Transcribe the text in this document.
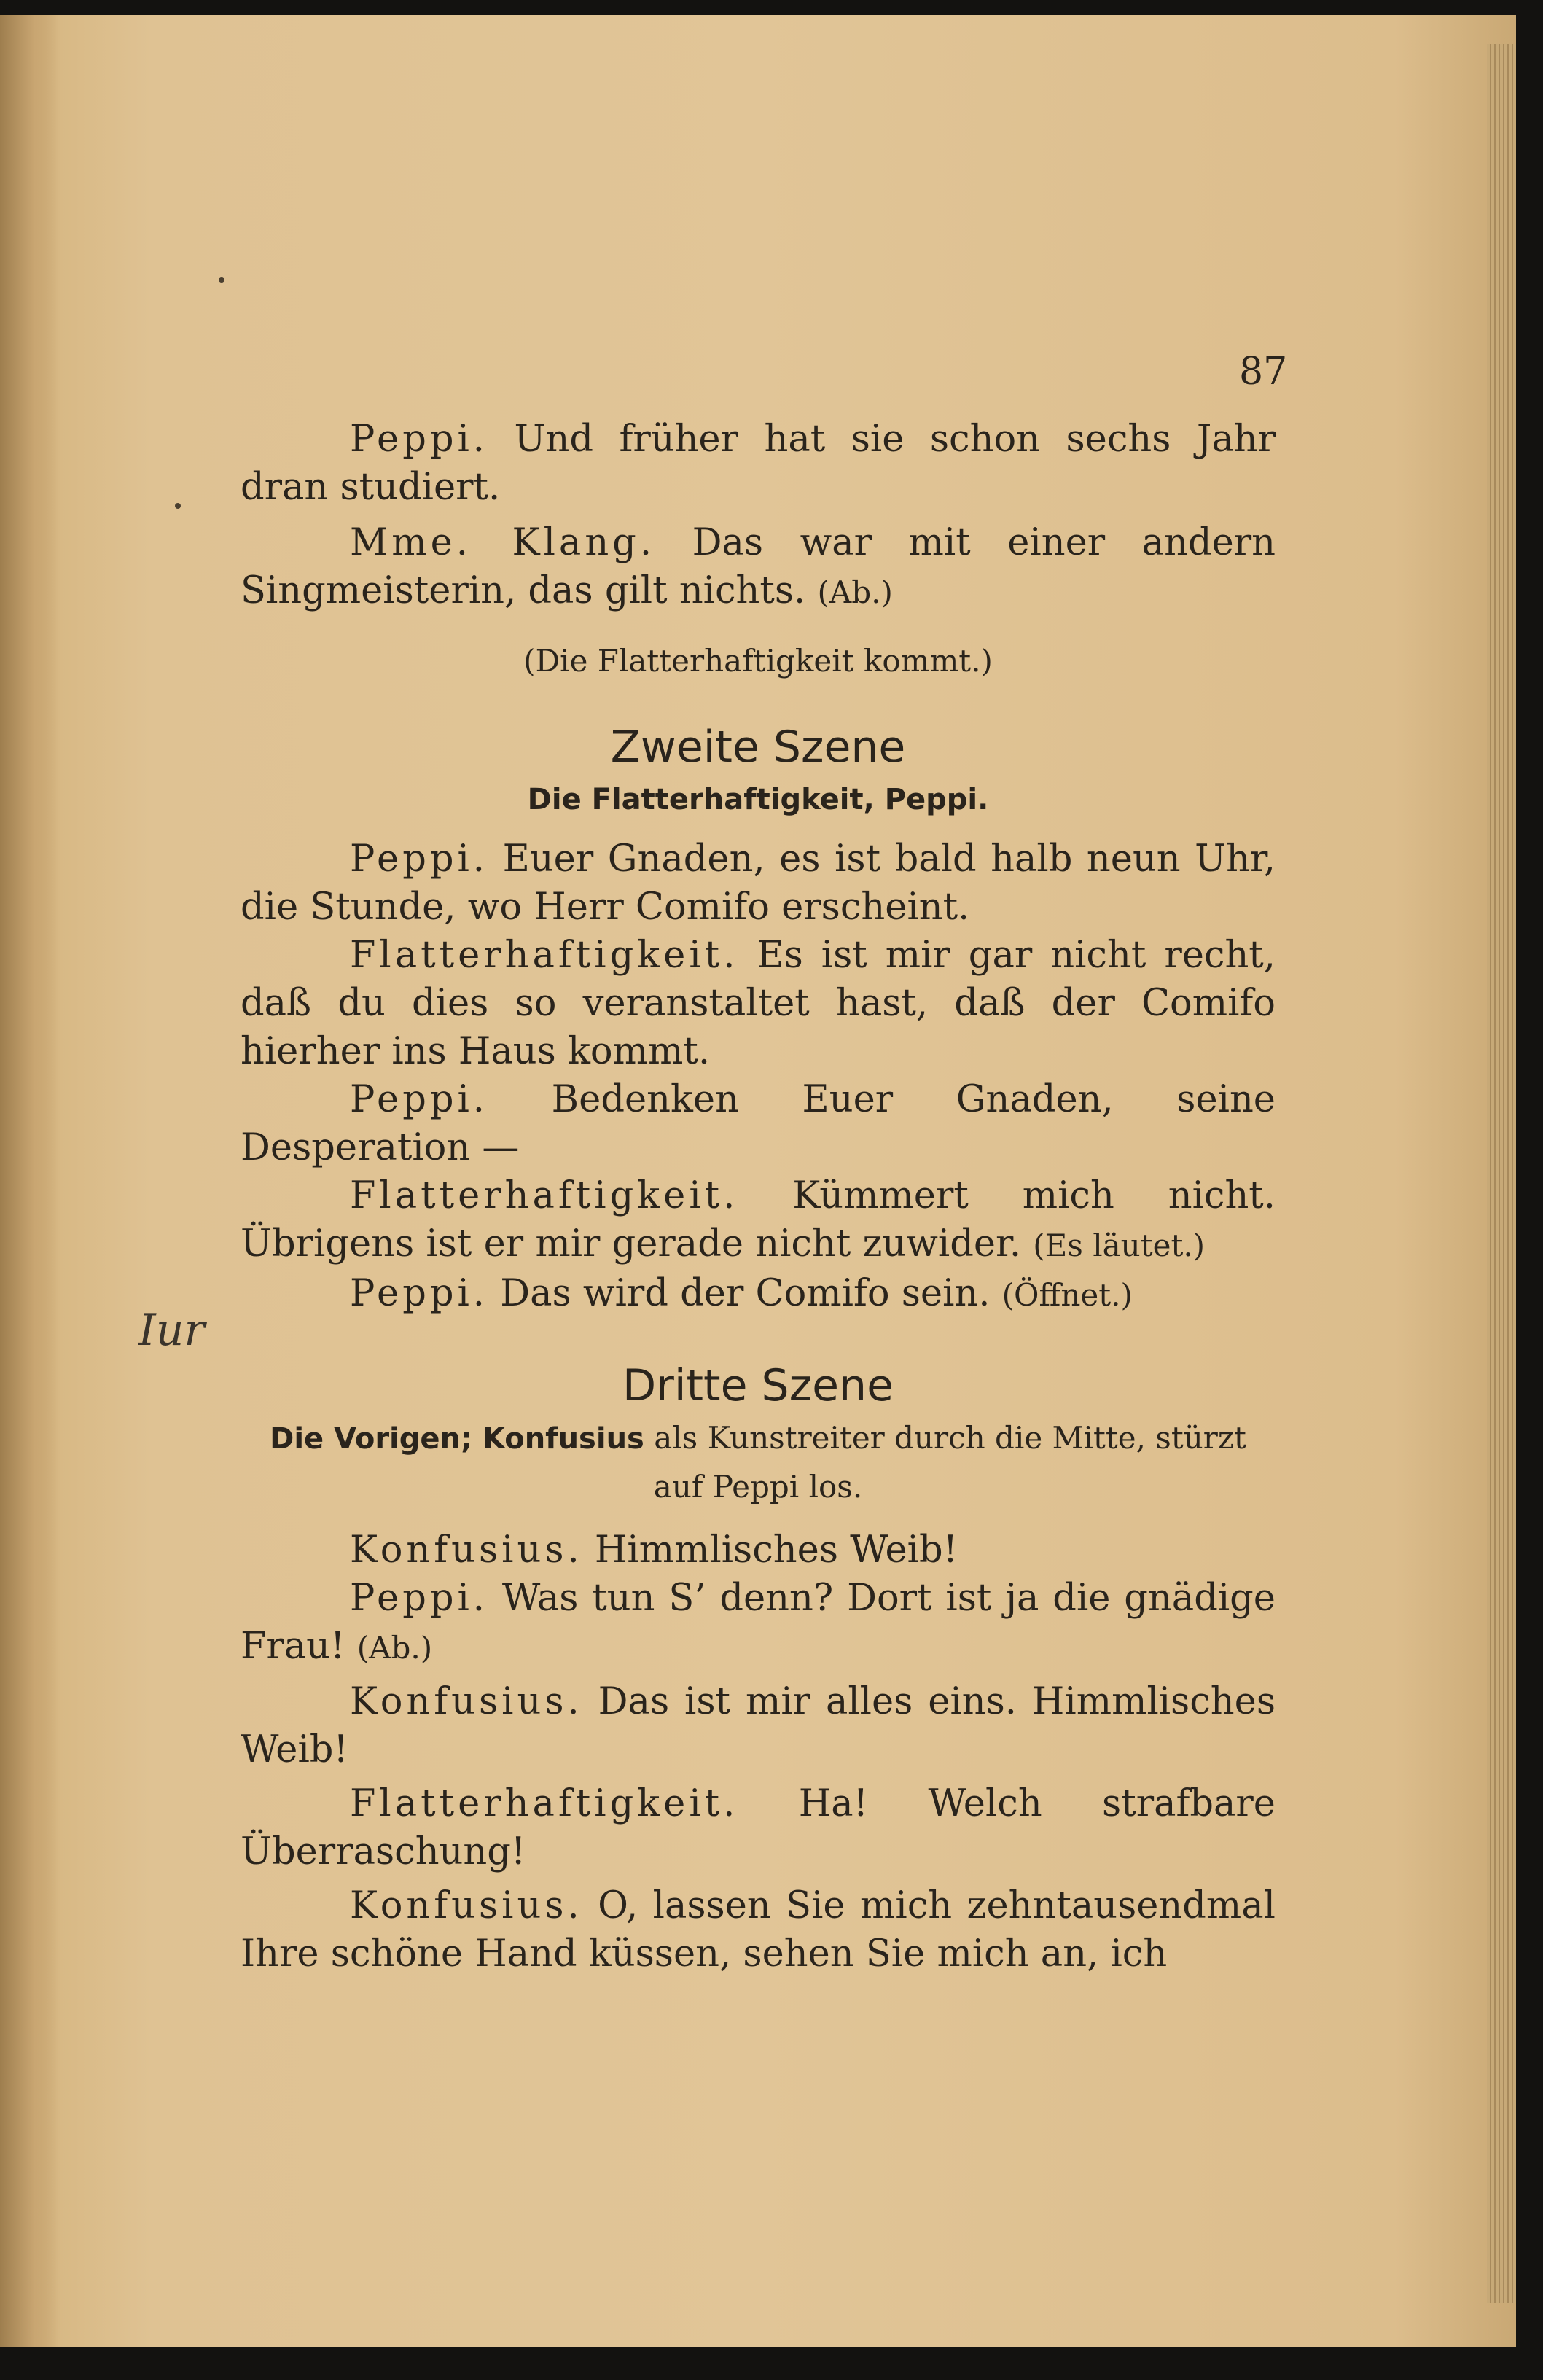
87
Iur

Peppi. Und früher hat sie schon sechs Jahr dran studiert.

Mme. Klang. Das war mit einer andern Singmeisterin, das gilt nichts. (Ab.)

(Die Flatterhaftigkeit kommt.)

Zweite Szene

Die Flatterhaftigkeit, Peppi.

Peppi. Euer Gnaden, es ist bald halb neun Uhr, die Stunde, wo Herr Comifo erscheint.

Flatterhaftigkeit. Es ist mir gar nicht recht, daß du dies so veranstaltet hast, daß der Comifo hierher ins Haus kommt.

Peppi. Bedenken Euer Gnaden, seine Desperation —

Flatterhaftigkeit. Kümmert mich nicht. Übrigens ist er mir gerade nicht zuwider. (Es läutet.)

Peppi. Das wird der Comifo sein. (Öffnet.)

Dritte Szene

Die Vorigen; Konfusius als Kunstreiter durch die Mitte, stürzt auf Peppi los.

Konfusius. Himmlisches Weib!

Peppi. Was tun S’ denn? Dort ist ja die gnädige Frau! (Ab.)

Konfusius. Das ist mir alles eins. Himmlisches Weib!

Flatterhaftigkeit. Ha! Welch strafbare Überraschung!

Konfusius. O, lassen Sie mich zehntausendmal Ihre schöne Hand küssen, sehen Sie mich an, ich
